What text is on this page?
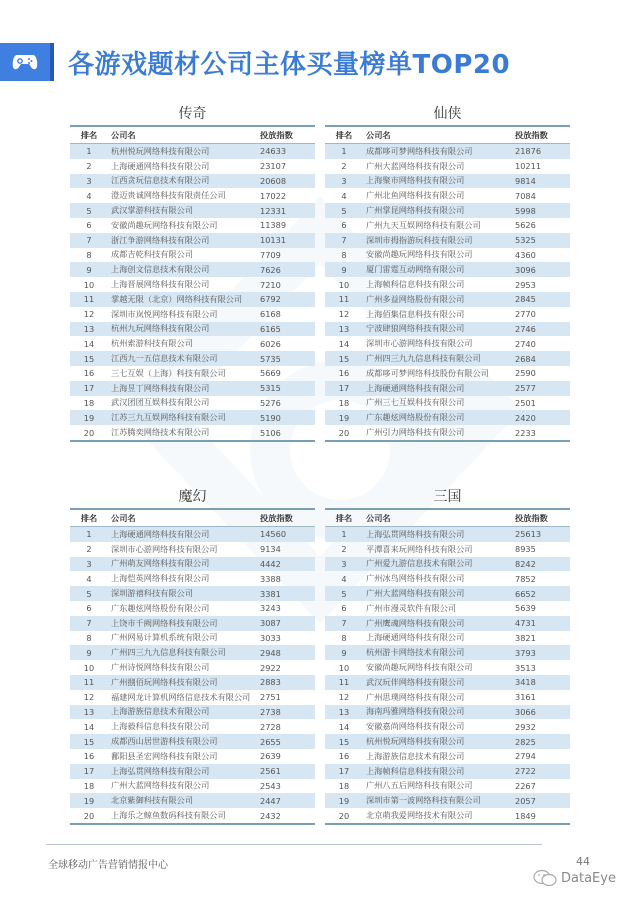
各游戏题材公司主体买量榜单TOP20
传奇
排名	公司名	投放指数
1	杭州悦玩网络科技有限公司	24633
2	上海硬通网络科技有限公司	23107
3	江西贪玩信息技术有限公司	20608
4	澄迈贵诚网络科技有限责任公司	17022
5	武汉掌游科技有限公司	12331
6	安徽尚趣玩网络科技有限公司	11389
7	浙江争游网络科技有限公司	10131
8	成都吉乾科技有限公司	7709
9	上海创文信息技术有限公司	7626
10	上海晋展网络科技有限公司	7210
11	掌越无限（北京）网络科技有限公司	6792
12	深圳市岚悦网络科技有限公司	6168
13	杭州九玩网络科技有限公司	6165
14	杭州索游科技有限公司	6026
15	江西九一五信息技术有限公司	5735
16	三七互娱（上海）科技有限公司	5669
17	上海昱丁网络科技有限公司	5315
18	武汉团团互娱科技有限公司	5276
19	江苏三九互娱网络科技有限公司	5190
20	江苏腾奕网络技术有限公司	5106
仙侠
排名	公司名	投放指数
1	成都哆可梦网络科技有限公司	21876
2	广州大蓝网络科技有限公司	10211
3	上海聚市网络科技有限公司	9814
4	广州北鱼网络科技有限公司	7084
5	广州掌昆网络科技有限公司	5998
6	广州九天互娱网络科技有限公司	5626
7	深圳市拇指游玩科技有限公司	5325
8	安徽尚趣玩网络科技有限公司	4360
9	厦门雷霆互动网络有限公司	3096
10	上海帧科信息科技有限公司	2953
11	广州多益网络股份有限公司	2845
12	上海佰集信息科技有限公司	2770
13	宁波肆狼网络科技有限公司	2746
14	深圳市心游网络科技有限公司	2740
15	广州四三九九信息科技有限公司	2684
16	成都哆可梦网络科技股份有限公司	2590
17	上海硬通网络科技有限公司	2577
18	广州三七互娱科技有限公司	2501
19	广东趣炫网络股份有限公司	2420
20	广州引力网络科技有限公司	2233
魔幻
排名	公司名	投放指数
1	上海硬通网络科技有限公司	14560
2	深圳市心游网络科技有限公司	9134
3	广州萌友网络科技有限公司	4442
4	上海恺英网络科技有限公司	3388
5	深圳游禧科技有限公司	3381
6	广东趣炫网络股份有限公司	3243
7	上饶市千阙网络科技有限公司	3087
8	广州网易计算机系统有限公司	3033
9	广州四三九九信息科技有限公司	2948
10	广州诗悦网络科技有限公司	2922
11	广州捌佰玩网络科技有限公司	2883
12	福建网龙计算机网络信息技术有限公司	2751
13	上海游族信息技术有限公司	2738
14	上海毅科信息科技有限公司	2728
15	成都西山居世游科技有限公司	2655
16	鄱阳县圣宏网络科技有限公司	2639
17	上海弘贯网络科技有限公司	2561
18	广州大蓝网络科技有限公司	2543
19	北京紫御科技有限公司	2447
20	上海乐之鲸鱼数码科技有限公司	2432
三国
排名	公司名	投放指数
1	上海弘贯网络科技有限公司	25613
2	平潭喜来玩网络科技有限公司	8935
3	广州爱九游信息技术有限公司	8242
4	广州冰鸟网络科技有限公司	7852
5	广州大蓝网络科技有限公司	6652
6	广州市漫灵软件有限公司	5639
7	广州鹰魂网络科技有限公司	4731
8	上海硬通网络科技有限公司	3821
9	杭州游卡网络技术有限公司	3793
10	安徽尚趣玩网络科技有限公司	3513
11	武汉玩伴网络科技有限公司	3418
12	广州思璞网络科技有限公司	3161
13	海南玛雅网络科技有限公司	3066
14	安徽嘉尚网络科技有限公司	2932
15	杭州悦玩网络科技有限公司	2825
16	上海游族信息技术有限公司	2794
17	上海帧科信息科技有限公司	2722
18	广州八五后网络科技有限公司	2267
19	深圳市第一波网络科技有限公司	2057
20	北京萌我爱网络技术有限公司	1849
全球移动广告营销情报中心	44
DataEye
